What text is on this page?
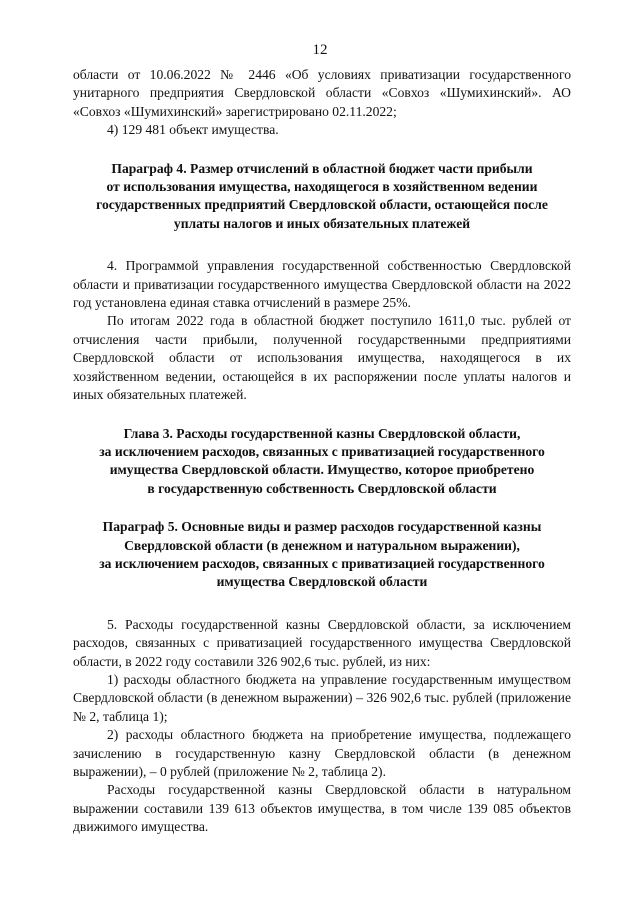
12

области от 10.06.2022 № 2446 «Об условиях приватизации государственного унитарного предприятия Свердловской области «Совхоз «Шумихинский». АО «Совхоз «Шумихинский» зарегистрировано 02.11.2022;

4) 129 481 объект имущества.

Параграф 4. Размер отчислений в областной бюджет части прибыли
от использования имущества, находящегося в хозяйственном ведении
государственных предприятий Свердловской области, остающейся после
уплаты налогов и иных обязательных платежей

4. Программой управления государственной собственностью Свердловской области и приватизации государственного имущества Свердловской области на 2022 год установлена единая ставка отчислений в размере 25%.

По итогам 2022 года в областной бюджет поступило 1611,0 тыс. рублей от отчисления части прибыли, полученной государственными предприятиями Свердловской области от использования имущества, находящегося в их хозяйственном ведении, остающейся в их распоряжении после уплаты налогов и иных обязательных платежей.

Глава 3. Расходы государственной казны Свердловской области,
за исключением расходов, связанных с приватизацией государственного
имущества Свердловской области. Имущество, которое приобретено
в государственную собственность Свердловской области
Параграф 5. Основные виды и размер расходов государственной казны
Свердловской области (в денежном и натуральном выражении),
за исключением расходов, связанных с приватизацией государственного
имущества Свердловской области

5. Расходы государственной казны Свердловской области, за исключением расходов, связанных с приватизацией государственного имущества Свердловской области, в 2022 году составили 326 902,6 тыс. рублей, из них:

1) расходы областного бюджета на управление государственным имуществом Свердловской области (в денежном выражении) – 326 902,6 тыс. рублей (приложение № 2, таблица 1);

2) расходы областного бюджета на приобретение имущества, подлежащего зачислению в государственную казну Свердловской области (в денежном выражении), – 0 рублей (приложение № 2, таблица 2).

Расходы государственной казны Свердловской области в натуральном выражении составили 139 613 объектов имущества, в том числе 139 085 объектов движимого имущества.
